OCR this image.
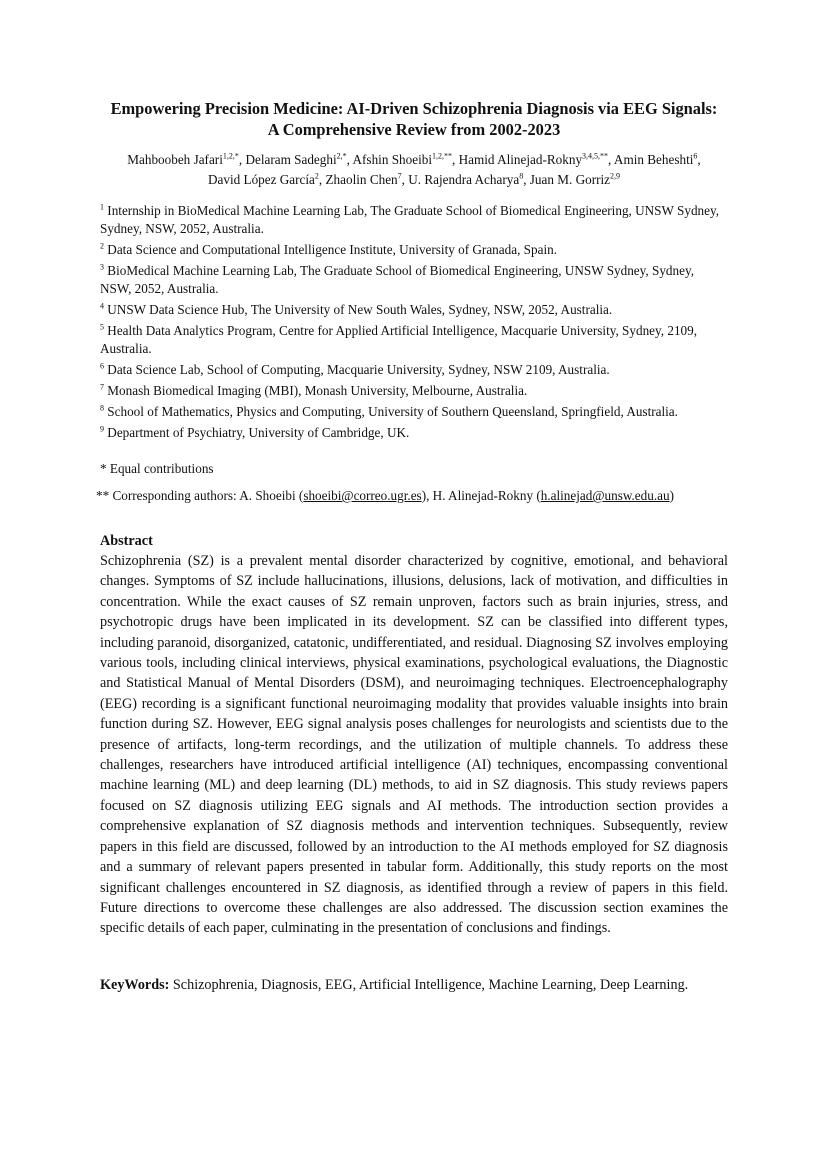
Empowering Precision Medicine: AI-Driven Schizophrenia Diagnosis via EEG Signals:
A Comprehensive Review from 2002-2023

Mahboobeh Jafari$^{1,2,*}$, Delaram Sadeghi$^{2,*}$, Afshin Shoeibi$^{1,2,**}$, Hamid Alinejad-Rokny$^{3,4,5,**}$, Amin Beheshti$^6$,
David López García$^2$, Zhaolin Chen$^7$, U. Rajendra Acharya$^8$, Juan M. Gorriz$^{2,9}$

$^1$ Internship in BioMedical Machine Learning Lab, The Graduate School of Biomedical Engineering, UNSW Sydney, Sydney, NSW, 2052, Australia.

$^2$ Data Science and Computational Intelligence Institute, University of Granada, Spain.

$^3$ BioMedical Machine Learning Lab, The Graduate School of Biomedical Engineering, UNSW Sydney, Sydney, NSW, 2052, Australia.

$^4$ UNSW Data Science Hub, The University of New South Wales, Sydney, NSW, 2052, Australia.

$^5$ Health Data Analytics Program, Centre for Applied Artificial Intelligence, Macquarie University, Sydney, 2109, Australia.

$^6$ Data Science Lab, School of Computing, Macquarie University, Sydney, NSW 2109, Australia.

$^7$ Monash Biomedical Imaging (MBI), Monash University, Melbourne, Australia.

$^8$ School of Mathematics, Physics and Computing, University of Southern Queensland, Springfield, Australia.

$^9$ Department of Psychiatry, University of Cambridge, UK.

* Equal contributions

** Corresponding authors: A. Shoeibi (shoeibi@correo.ugr.es), H. Alinejad-Rokny (h.alinejad@unsw.edu.au)

Abstract

Schizophrenia (SZ) is a prevalent mental disorder characterized by cognitive, emotional, and behavioral changes. Symptoms of SZ include hallucinations, illusions, delusions, lack of motivation, and difficulties in concentration. While the exact causes of SZ remain unproven, factors such as brain injuries, stress, and psychotropic drugs have been implicated in its development. SZ can be classified into different types, including paranoid, disorganized, catatonic, undifferentiated, and residual. Diagnosing SZ involves employing various tools, including clinical interviews, physical examinations, psychological evaluations, the Diagnostic and Statistical Manual of Mental Disorders (DSM), and neuroimaging techniques. Electroencephalography (EEG) recording is a significant functional neuroimaging modality that provides valuable insights into brain function during SZ. However, EEG signal analysis poses challenges for neurologists and scientists due to the presence of artifacts, long-term recordings, and the utilization of multiple channels. To address these challenges, researchers have introduced artificial intelligence (AI) techniques, encompassing conventional machine learning (ML) and deep learning (DL) methods, to aid in SZ diagnosis. This study reviews papers focused on SZ diagnosis utilizing EEG signals and AI methods. The introduction section provides a comprehensive explanation of SZ diagnosis methods and intervention techniques. Subsequently, review papers in this field are discussed, followed by an introduction to the AI methods employed for SZ diagnosis and a summary of relevant papers presented in tabular form. Additionally, this study reports on the most significant challenges encountered in SZ diagnosis, as identified through a review of papers in this field. Future directions to overcome these challenges are also addressed. The discussion section examines the specific details of each paper, culminating in the presentation of conclusions and findings.

KeyWords: Schizophrenia, Diagnosis, EEG, Artificial Intelligence, Machine Learning, Deep Learning.
